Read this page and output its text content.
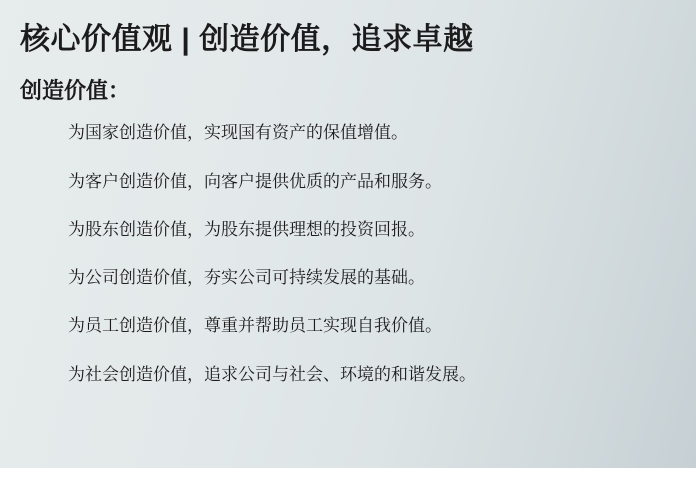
核心价值观 | 创造价值，追求卓越
创造价值：
为国家创造价值，实现国有资产的保值增值。
为客户创造价值，向客户提供优质的产品和服务。
为股东创造价值，为股东提供理想的投资回报。
为公司创造价值，夯实公司可持续发展的基础。
为员工创造价值，尊重并帮助员工实现自我价值。
为社会创造价值，追求公司与社会、环境的和谐发展。
